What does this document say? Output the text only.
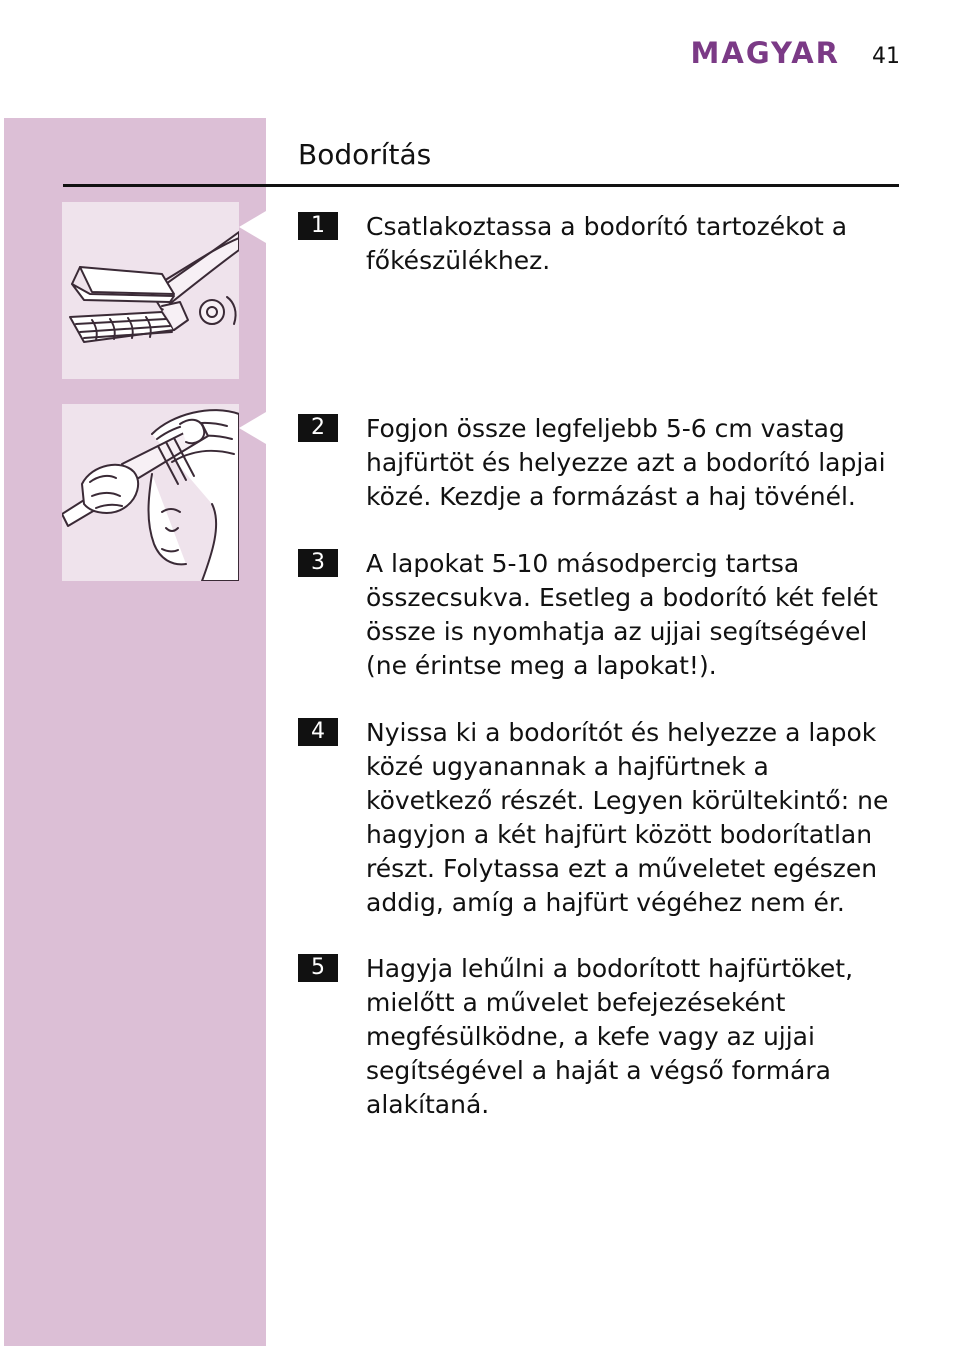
MAGYAR	41
Bodorítás
1	Csatlakoztassa a bodorító tartozékot a főkészülékhez.

2	Fogjon össze legfeljebb 5-6 cm vastag hajfürtöt és helyezze azt a bodorító lapjai közé. Kezdje a formázást a haj tövénél.

3	A lapokat 5-10 másodpercig tartsa összecsukva. Esetleg a bodorító két felét össze is nyomhatja az ujjai segítségével (ne érintse meg a lapokat!).

4	Nyissa ki a bodorítót és helyezze a lapok közé ugyanannak a hajfürtnek a következő részét. Legyen körültekintő: ne hagyjon a két hajfürt között bodorítatlan részt. Folytassa ezt a műveletet egészen addig, amíg a hajfürt végéhez nem ér.

5	Hagyja lehűlni a bodorított hajfürtöket, mielőtt a művelet befejezéseként megfésülködne, a kefe vagy az ujjai segítségével a haját a végső formára alakítaná.
